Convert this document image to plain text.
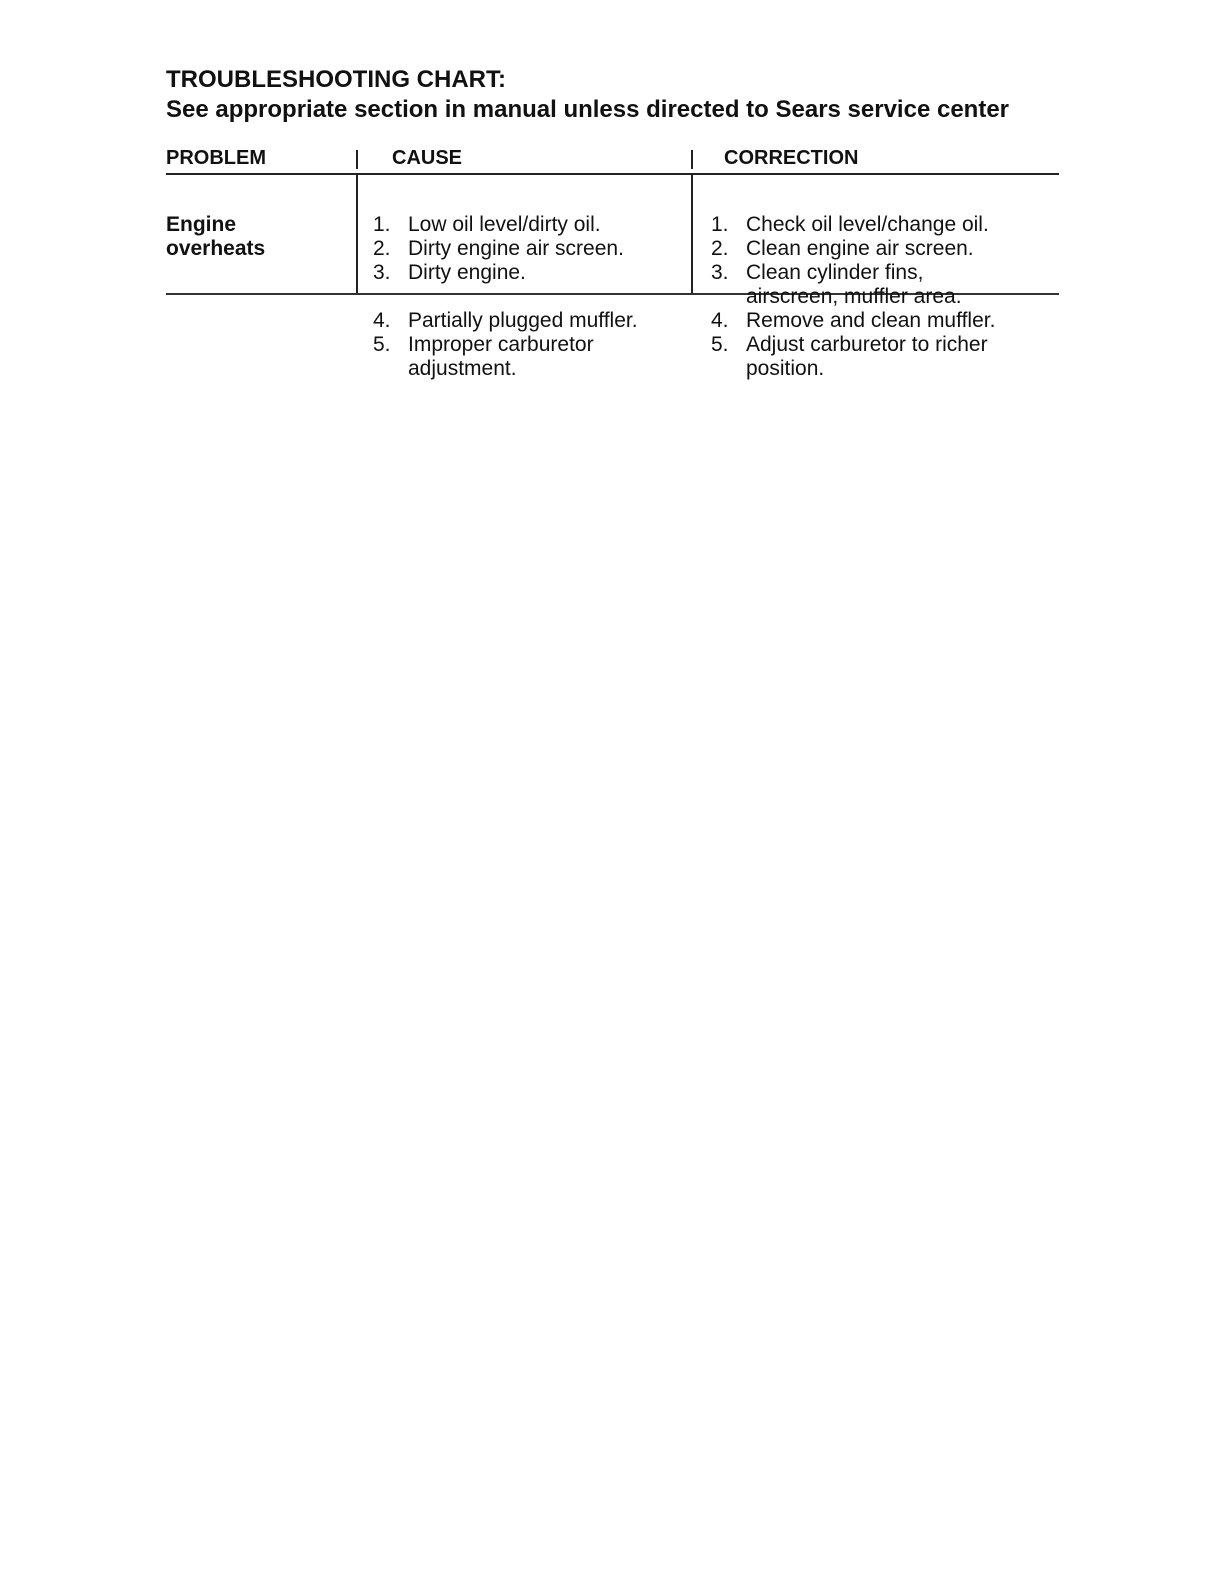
TROUBLESHOOTING CHART:
See appropriate section in manual unless directed to Sears service center
PROBLEM	CAUSE	CORRECTION
Engine
overheats
1. Low oil level/dirty oil.
2. Dirty engine air screen.
3. Dirty engine.
4. Partially plugged muffler.
5. Improper carburetor
adjustment.
1. Check oil level/change oil.
2. Clean engine air screen.
3. Clean cylinder fins,
airscreen, muffler area.
4. Remove and clean muffler.
5. Adjust carburetor to richer
position.
